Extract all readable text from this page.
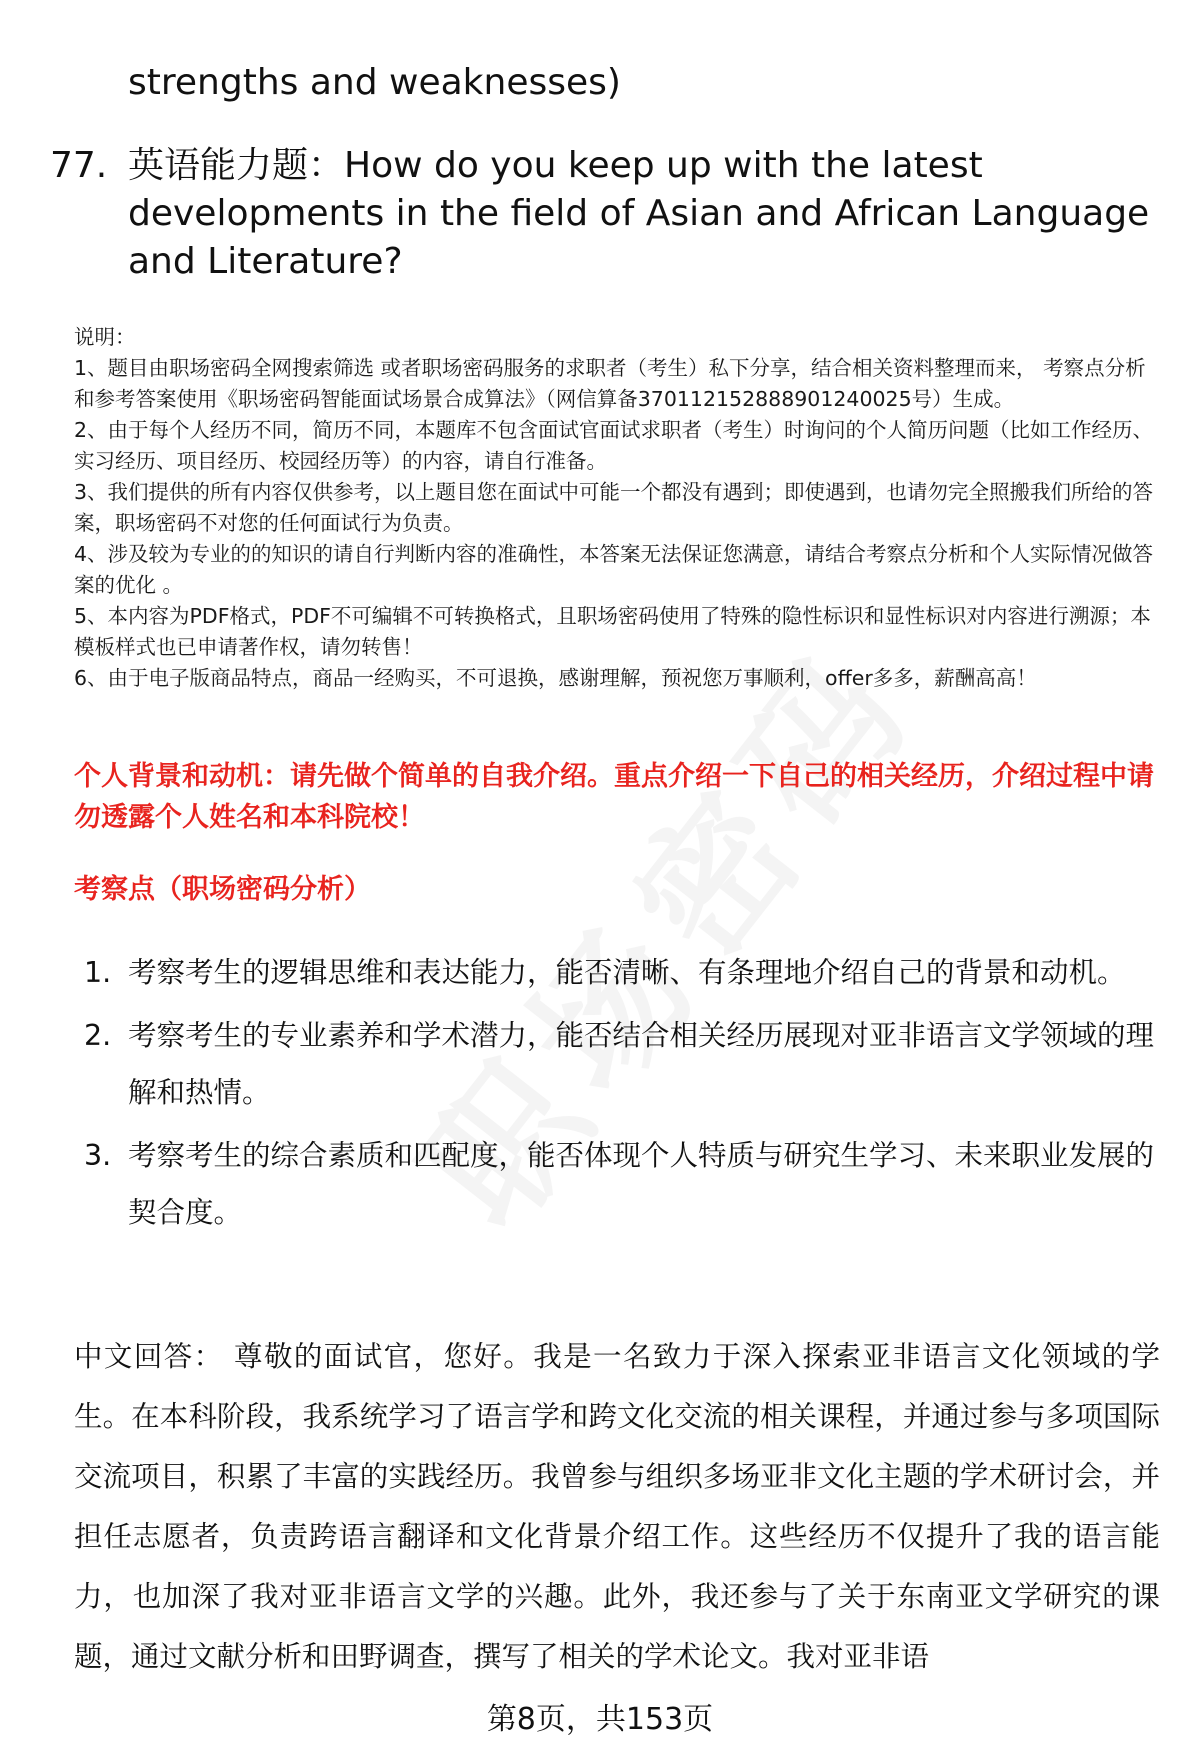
strengths and weaknesses)
77. 英语能力题：How do you keep up with the latest developments in the field of Asian and African Language and Literature?

说明：

1、题目由职场密码全网搜索筛选 或者职场密码服务的求职者（考生）私下分享，结合相关资料整理而来， 考察点分析和参考答案使用《职场密码智能面试场景合成算法》（网信算备370112152888901240025号）生成。

2、由于每个人经历不同，简历不同，本题库不包含面试官面试求职者（考生）时询问的个人简历问题（比如工作经历、实习经历、项目经历、校园经历等）的内容，请自行准备。

3、我们提供的所有内容仅供参考，以上题目您在面试中可能一个都没有遇到；即使遇到，也请勿完全照搬我们所给的答案，职场密码不对您的任何面试行为负责。

4、涉及较为专业的的知识的请自行判断内容的准确性，本答案无法保证您满意，请结合考察点分析和个人实际情况做答案的优化 。

5、本内容为PDF格式，PDF不可编辑不可转换格式，且职场密码使用了特殊的隐性标识和显性标识对内容进行溯源；本模板样式也已申请著作权，请勿转售！

6、由于电子版商品特点，商品一经购买，不可退换，感谢理解，预祝您万事顺利，offer多多，薪酬高高！

个人背景和动机：请先做个简单的自我介绍。重点介绍一下自己的相关经历，介绍过程中请勿透露个人姓名和本科院校！
考察点（职场密码分析）
1. 考察考生的逻辑思维和表达能力，能否清晰、有条理地介绍自己的背景和动机。
2. 考察考生的专业素养和学术潜力，能否结合相关经历展现对亚非语言文学领域的理解和热情。
3. 考察考生的综合素质和匹配度，能否体现个人特质与研究生学习、未来职业发展的契合度。
中文回答： 尊敬的面试官，您好。我是一名致力于深入探索亚非语言文化领域的学生。在本科阶段，我系统学习了语言学和跨文化交流的相关课程，并通过参与多项国际交流项目，积累了丰富的实践经历。我曾参与组织多场亚非文化主题的学术研讨会，并担任志愿者，负责跨语言翻译和文化背景介绍工作。这些经历不仅提升了我的语言能力，也加深了我对亚非语言文学的兴趣。此外，我还参与了关于东南亚文学研究的课题，通过文献分析和田野调查，撰写了相关的学术论文。我对亚非语
第8页，共153页
